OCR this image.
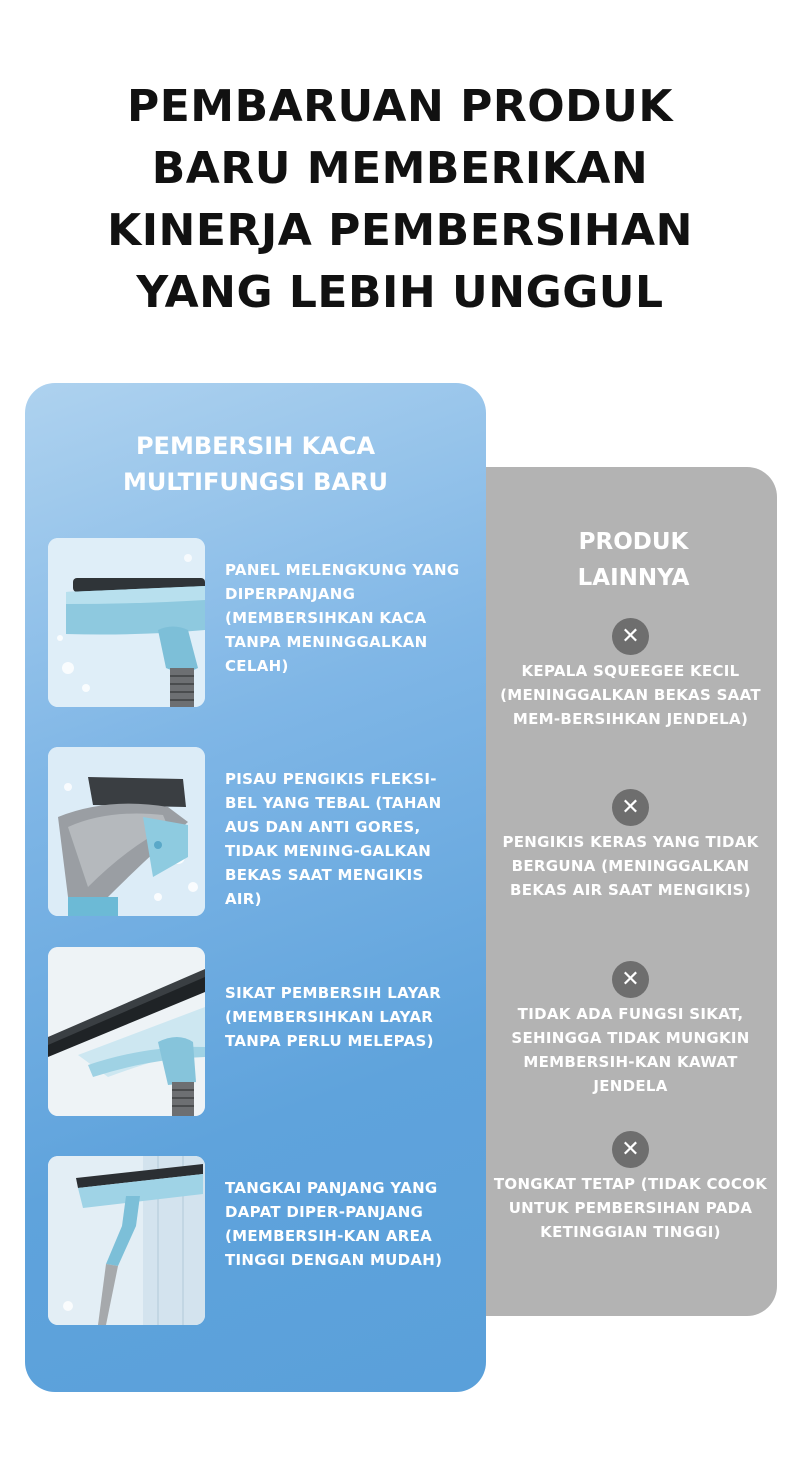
PEMBARUAN PRODUK
BARU MEMBERIKAN
KINERJA PEMBERSIHAN
YANG LEBIH UNGGUL
PEMBERSIH KACA
MULTIFUNGSI BARU

PANEL MELENGKUNG YANG DIPERPANJANG (MEMBERSIHKAN KACA TANPA MENINGGALKAN CELAH)

PISAU PENGIKIS FLEKSI-BEL YANG TEBAL (TAHAN AUS DAN ANTI GORES, TIDAK MENING-GALKAN BEKAS SAAT MENGIKIS AIR)

SIKAT PEMBERSIH LAYAR (MEMBERSIHKAN LAYAR TANPA PERLU MELEPAS)

TANGKAI PANJANG YANG DAPAT DIPER-PANJANG (MEMBERSIH-KAN AREA TINGGI DENGAN MUDAH)

PRODUK
LAINNYA
✕

KEPALA SQUEEGEE KECIL (MENINGGALKAN BEKAS SAAT MEM-BERSIHKAN JENDELA)

✕

PENGIKIS KERAS YANG TIDAK BERGUNA (MENINGGALKAN BEKAS AIR SAAT MENGIKIS)

✕

TIDAK ADA FUNGSI SIKAT, SEHINGGA TIDAK MUNGKIN MEMBERSIH-KAN KAWAT JENDELA

✕

TONGKAT TETAP (TIDAK COCOK UNTUK PEMBERSIHAN PADA KETINGGIAN TINGGI)
